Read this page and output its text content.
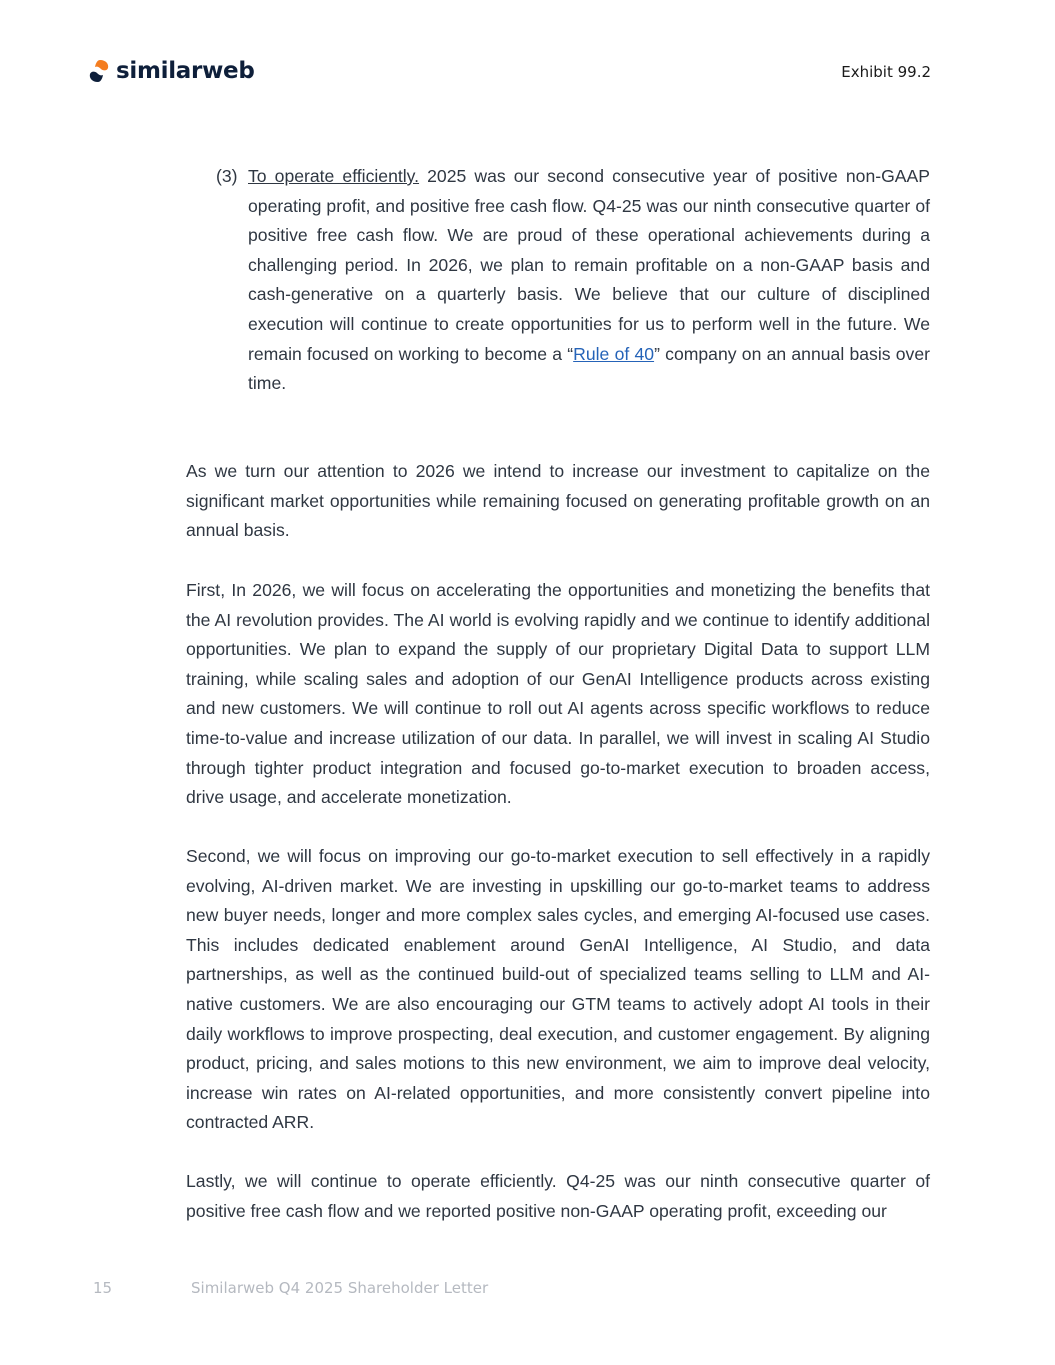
similarweb	Exhibit 99.2
(3) To operate efficiently. 2025 was our second consecutive year of positive non-GAAP operating profit, and positive free cash flow. Q4-25 was our ninth consecutive quarter of positive free cash flow. We are proud of these operational achievements during a challenging period. In 2026, we plan to remain profitable on a non-GAAP basis and cash-generative on a quarterly basis. We believe that our culture of disciplined execution will continue to create opportunities for us to perform well in the future. We remain focused on working to become a “Rule of 40” company on an annual basis over time.

As we turn our attention to 2026 we intend to increase our investment to capitalize on the significant market opportunities while remaining focused on generating profitable growth on an annual basis.

First, In 2026, we will focus on accelerating the opportunities and monetizing the benefits that the AI revolution provides. The AI world is evolving rapidly and we continue to identify additional opportunities. We plan to expand the supply of our proprietary Digital Data to support LLM training, while scaling sales and adoption of our GenAI Intelligence products across existing and new customers. We will continue to roll out AI agents across specific workflows to reduce time-to-value and increase utilization of our data. In parallel, we will invest in scaling AI Studio through tighter product integration and focused go-to-market execution to broaden access, drive usage, and accelerate monetization.

Second, we will focus on improving our go-to-market execution to sell effectively in a rapidly evolving, AI-driven market. We are investing in upskilling our go-to-market teams to address new buyer needs, longer and more complex sales cycles, and emerging AI-focused use cases. This includes dedicated enablement around GenAI Intelligence, AI Studio, and data partnerships, as well as the continued build-out of specialized teams selling to LLM and AI-native customers. We are also encouraging our GTM teams to actively adopt AI tools in their daily workflows to improve prospecting, deal execution, and customer engagement. By aligning product, pricing, and sales motions to this new environment, we aim to improve deal velocity, increase win rates on AI-related opportunities, and more consistently convert pipeline into contracted ARR.

Lastly, we will continue to operate efficiently. Q4-25 was our ninth consecutive quarter of positive free cash flow and we reported positive non-GAAP operating profit, exceeding our

15	Similarweb Q4 2025 Shareholder Letter
